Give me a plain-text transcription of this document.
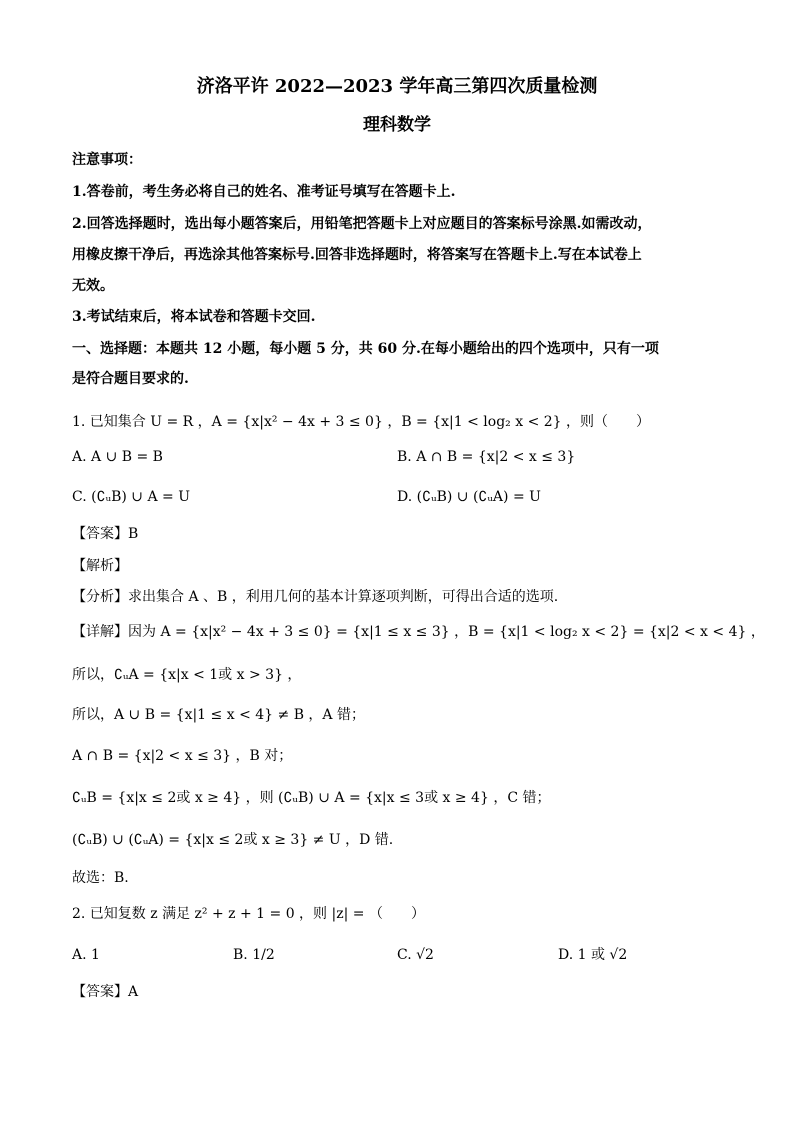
济洛平许 2022—2023 学年高三第四次质量检测
理科数学
注意事项：
1.答卷前，考生务必将自己的姓名、准考证号填写在答题卡上.
2.回答选择题时，选出每小题答案后，用铅笔把答题卡上对应题目的答案标号涂黑.如需改动，
用橡皮擦干净后，再选涂其他答案标号.回答非选择题时，将答案写在答题卡上.写在本试卷上
无效。
3.考试结束后，将本试卷和答题卡交回.
一、选择题：本题共 12 小题，每小题 5 分，共 60 分.在每小题给出的四个选项中，只有一项
是符合题目要求的.
1. 已知集合 U = R ，A = {x|x² − 4x + 3 ≤ 0} ，B = {x|1 < log₂ x < 2} ，则（　　）
A. A ∪ B = B	B. A ∩ B = {x|2 < x ≤ 3}
C. (∁ᵤB) ∪ A = U	D. (∁ᵤB) ∪ (∁ᵤA) = U
【答案】B
【解析】
【分析】求出集合 A 、B ，利用几何的基本计算逐项判断，可得出合适的选项.
【详解】因为 A = {x|x² − 4x + 3 ≤ 0} = {x|1 ≤ x ≤ 3} ，B = {x|1 < log₂ x < 2} = {x|2 < x < 4} ，
所以，∁ᵤA = {x|x < 1或 x > 3} ，
所以，A ∪ B = {x|1 ≤ x < 4} ≠ B ，A 错；
A ∩ B = {x|2 < x ≤ 3} ，B 对；
∁ᵤB = {x|x ≤ 2或 x ≥ 4} ，则 (∁ᵤB) ∪ A = {x|x ≤ 3或 x ≥ 4} ，C 错；
(∁ᵤB) ∪ (∁ᵤA) = {x|x ≤ 2或 x ≥ 3} ≠ U ，D 错.
故选：B.
2. 已知复数 z 满足 z² + z + 1 = 0 ，则 |z| = （　　）
A. 1	B. 1/2	C. √2	D. 1 或 √2
【答案】A
